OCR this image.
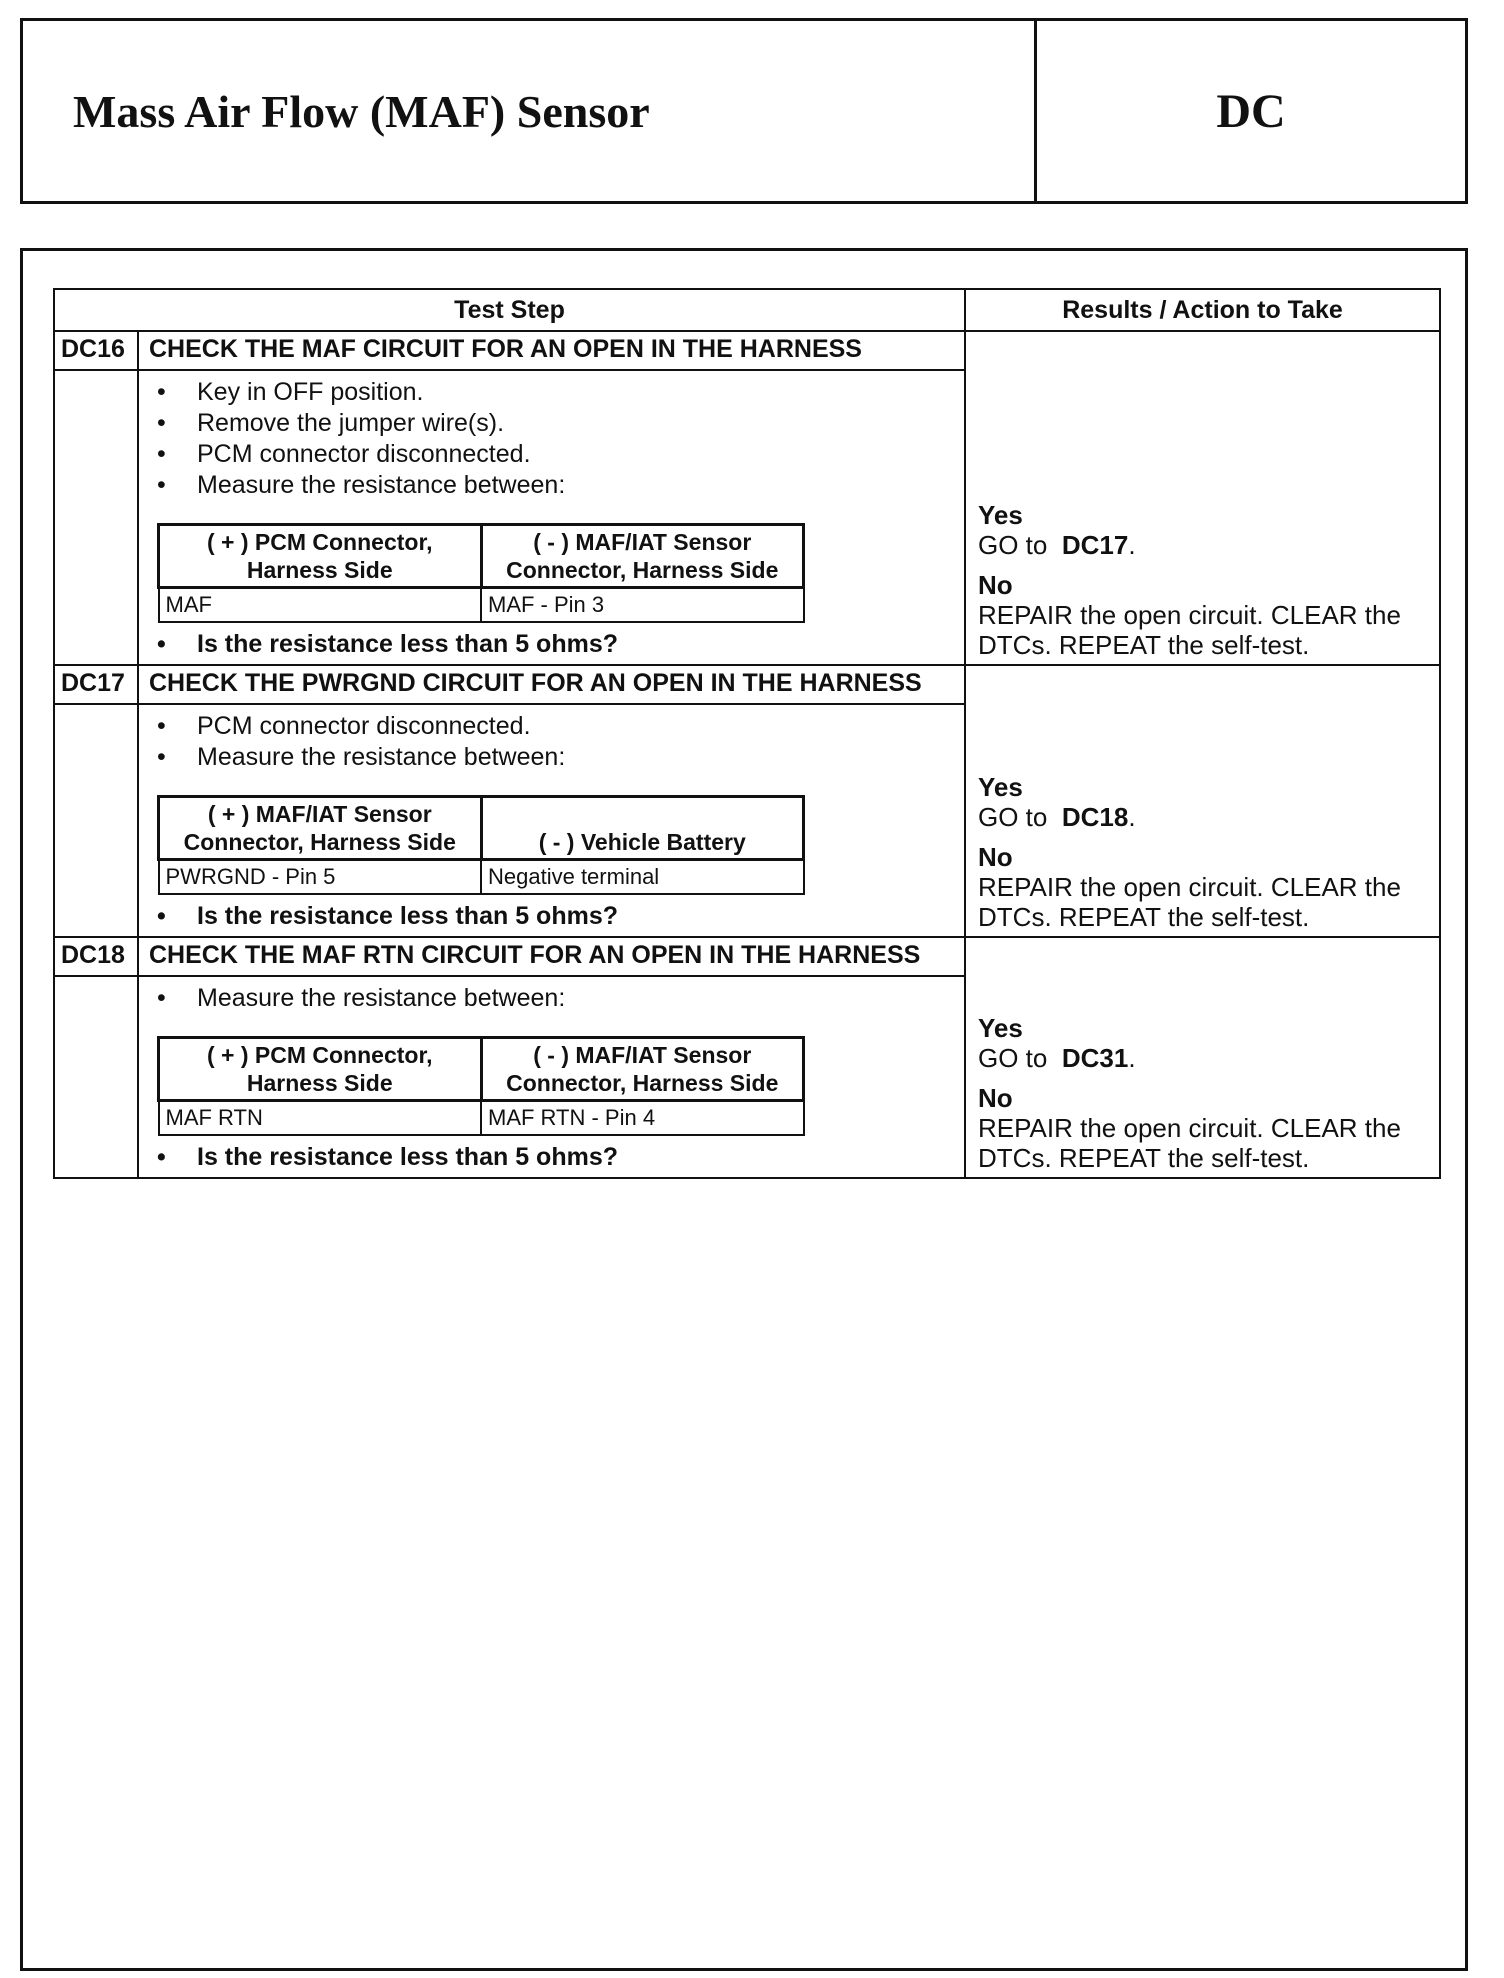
Mass Air Flow (MAF) Sensor	DC
Test Step	Results / Action to Take
DC16	CHECK THE MAF CIRCUIT FOR AN OPEN IN THE HARNESS	
Yes
GO to DC17.
No
REPAIR the open circuit. CLEAR the DTCs. REPEAT the self-test.

• Key in OFF position.
• Remove the jumper wire(s).
• PCM connector disconnected.
• Measure the resistance between:
( + ) PCM Connector, Harness Side	( - ) MAF/IAT Sensor Connector, Harness Side
MAF	MAF - Pin 3
• Is the resistance less than 5 ohms?

DC17	CHECK THE PWRGND CIRCUIT FOR AN OPEN IN THE HARNESS	
Yes
GO to DC18.
No
REPAIR the open circuit. CLEAR the DTCs. REPEAT the self-test.

• PCM connector disconnected.
• Measure the resistance between:
( + ) MAF/IAT Sensor Connector, Harness Side	( - ) Vehicle Battery
PWRGND - Pin 5	Negative terminal
• Is the resistance less than 5 ohms?

DC18	CHECK THE MAF RTN CIRCUIT FOR AN OPEN IN THE HARNESS	
Yes
GO to DC31.
No
REPAIR the open circuit. CLEAR the DTCs. REPEAT the self-test.

• Measure the resistance between:
( + ) PCM Connector, Harness Side	( - ) MAF/IAT Sensor Connector, Harness Side
MAF RTN	MAF RTN - Pin 4
• Is the resistance less than 5 ohms?
